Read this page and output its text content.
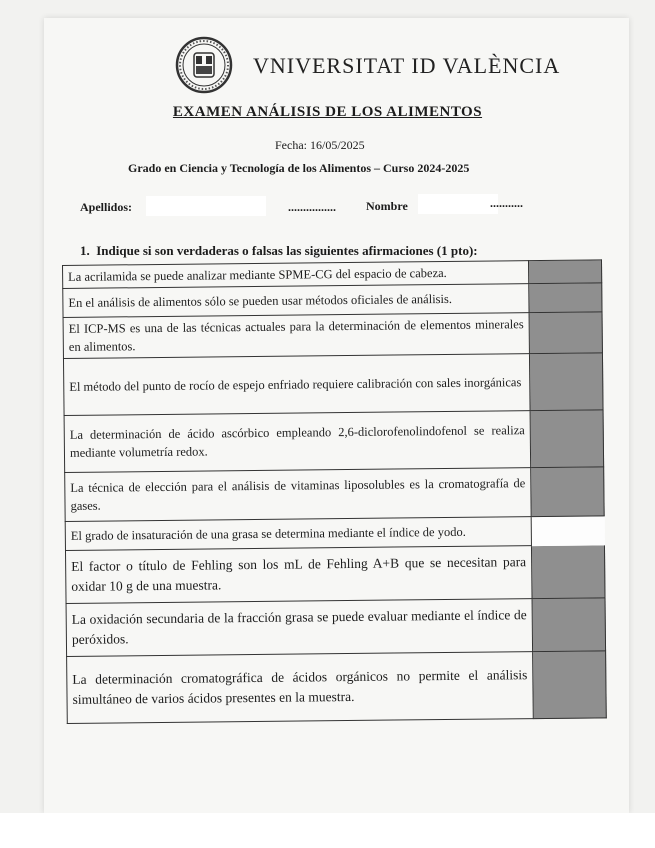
VNIVERSITAT ID VALÈNCIA
EXAMEN ANÁLISIS DE LOS ALIMENTOS
Fecha: 16/05/2025
Grado en Ciencia y Tecnología de los Alimentos – Curso 2024-2025
Apellidos:	................	Nombre	...........
1.  Indique si son verdaderas o falsas las siguientes afirmaciones (1 pto):
La acrilamida se puede analizar mediante SPME-CG del espacio de cabeza.	
En el análisis de alimentos sólo se pueden usar métodos oficiales de análisis.	
El ICP-MS es una de las técnicas actuales para la determinación de elementos minerales en alimentos.	
El método del punto de rocío de espejo enfriado requiere calibración con sales inorgánicas	
La determinación de ácido ascórbico empleando 2,6-diclorofenolindofenol se realiza mediante volumetría redox.	
La técnica de elección para el análisis de vitaminas liposolubles es la cromatografía de gases.	
El grado de insaturación de una grasa se determina mediante el índice de yodo.	
El factor o título de Fehling son los mL de Fehling A+B que se necesitan para oxidar 10 g de una muestra.	
La oxidación secundaria de la fracción grasa se puede evaluar mediante el índice de peróxidos.	
La determinación cromatográfica de ácidos orgánicos no permite el análisis simultáneo de varios ácidos presentes en la muestra.	
